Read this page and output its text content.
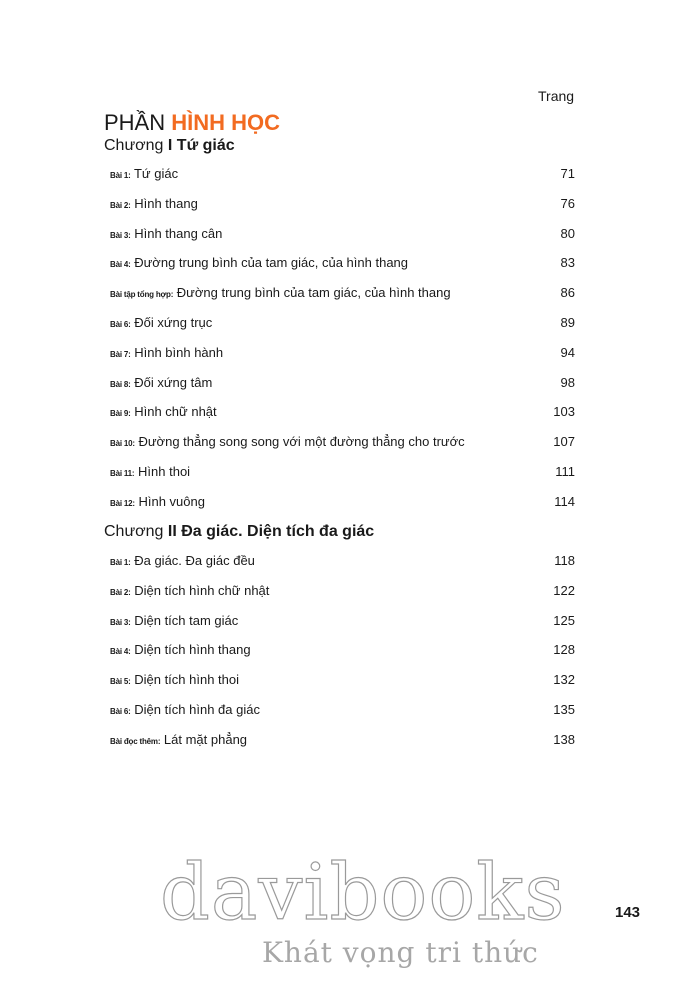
Trang
PHẦN HÌNH HỌC
Chương I Tứ giác
Bài 1: Tứ giác	71
Bài 2: Hình thang	76
Bài 3: Hình thang cân	80
Bài 4: Đường trung bình của tam giác, của hình thang	83
Bài tập tổng hợp: Đường trung bình của tam giác, của hình thang	86
Bài 6: Đối xứng trục	89
Bài 7: Hình bình hành	94
Bài 8: Đối xứng tâm	98
Bài 9: Hình chữ nhật	103
Bài 10: Đường thẳng song song với một đường thẳng cho trước	107
Bài 11: Hình thoi	111
Bài 12: Hình vuông	114
Chương II Đa giác. Diện tích đa giác
Bài 1: Đa giác. Đa giác đều	118
Bài 2: Diện tích hình chữ nhật	122
Bài 3: Diện tích tam giác	125
Bài 4: Diện tích hình thang	128
Bài 5: Diện tích hình thoi	132
Bài 6: Diện tích hình đa giác	135
Bài đọc thêm: Lát mặt phẳng	138
143
davibooks
Khát vọng tri thức
